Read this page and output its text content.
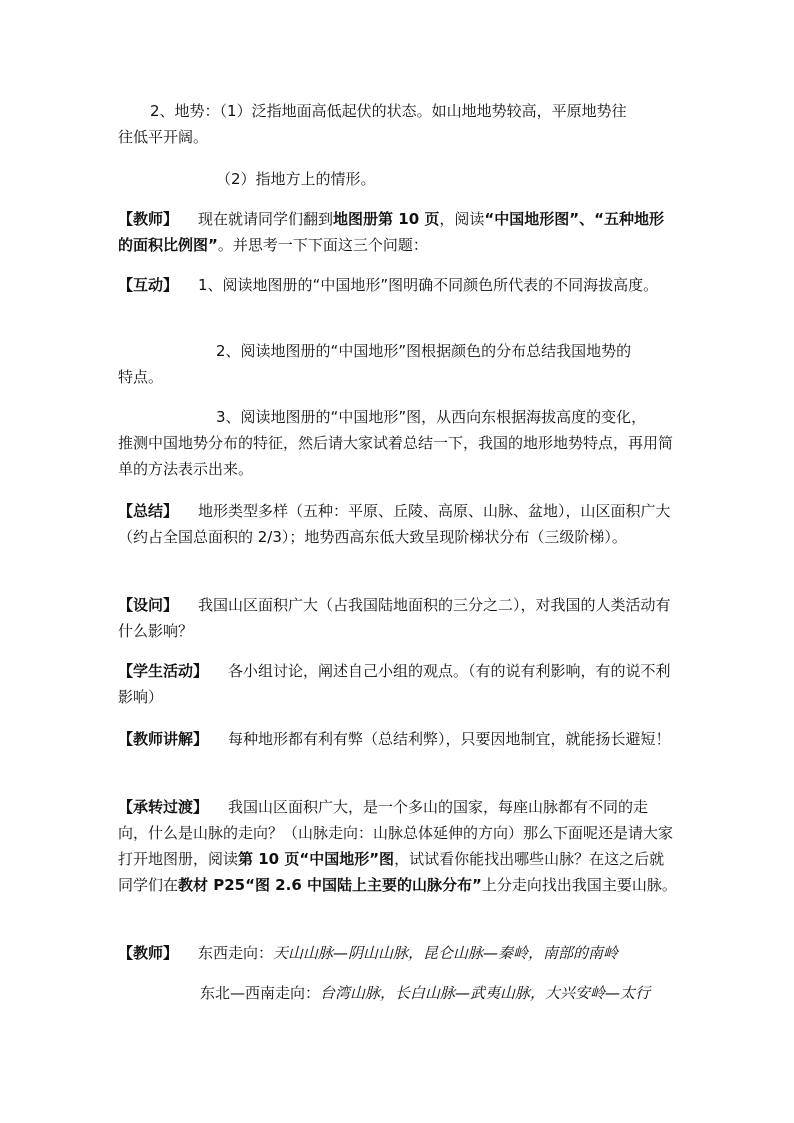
2、地势：（1）泛指地面高低起伏的状态。如山地地势较高，平原地势往
往低平开阔。

（2）指地方上的情形。

【教师】 现在就请同学们翻到地图册第 10 页，阅读“中国地形图”、“五种地形的面积比例图”。并思考一下下面这三个问题：

【互动】 1、阅读地图册的“中国地形”图明确不同颜色所代表的不同海拔高度。

2、阅读地图册的“中国地形”图根据颜色的分布总结我国地势的
特点。

3、阅读地图册的“中国地形”图，从西向东根据海拔高度的变化，
推测中国地势分布的特征，然后请大家试着总结一下，我国的地形地势特点，再用简单的方法表示出来。

【总结】 地形类型多样（五种：平原、丘陵、高原、山脉、盆地），山区面积广大（约占全国总面积的 2/3）；地势西高东低大致呈现阶梯状分布（三级阶梯）。

【设问】 我国山区面积广大（占我国陆地面积的三分之二），对我国的人类活动有什么影响？

【学生活动】 各小组讨论，阐述自己小组的观点。（有的说有利影响，有的说不利影响）

【教师讲解】 每种地形都有利有弊（总结利弊），只要因地制宜，就能扬长避短！

【承转过渡】 我国山区面积广大，是一个多山的国家，每座山脉都有不同的走向，什么是山脉的走向？（山脉走向：山脉总体延伸的方向）那么下面呢还是请大家打开地图册，阅读第 10 页“中国地形”图，试试看你能找出哪些山脉？在这之后就同学们在教材 P25“图 2.6 中国陆上主要的山脉分布”上分走向找出我国主要山脉。

【教师】 东西走向：天山山脉—阴山山脉，昆仑山脉—秦岭，南部的南岭

东北—西南走向：台湾山脉，长白山脉—武夷山脉，大兴安岭—太行
